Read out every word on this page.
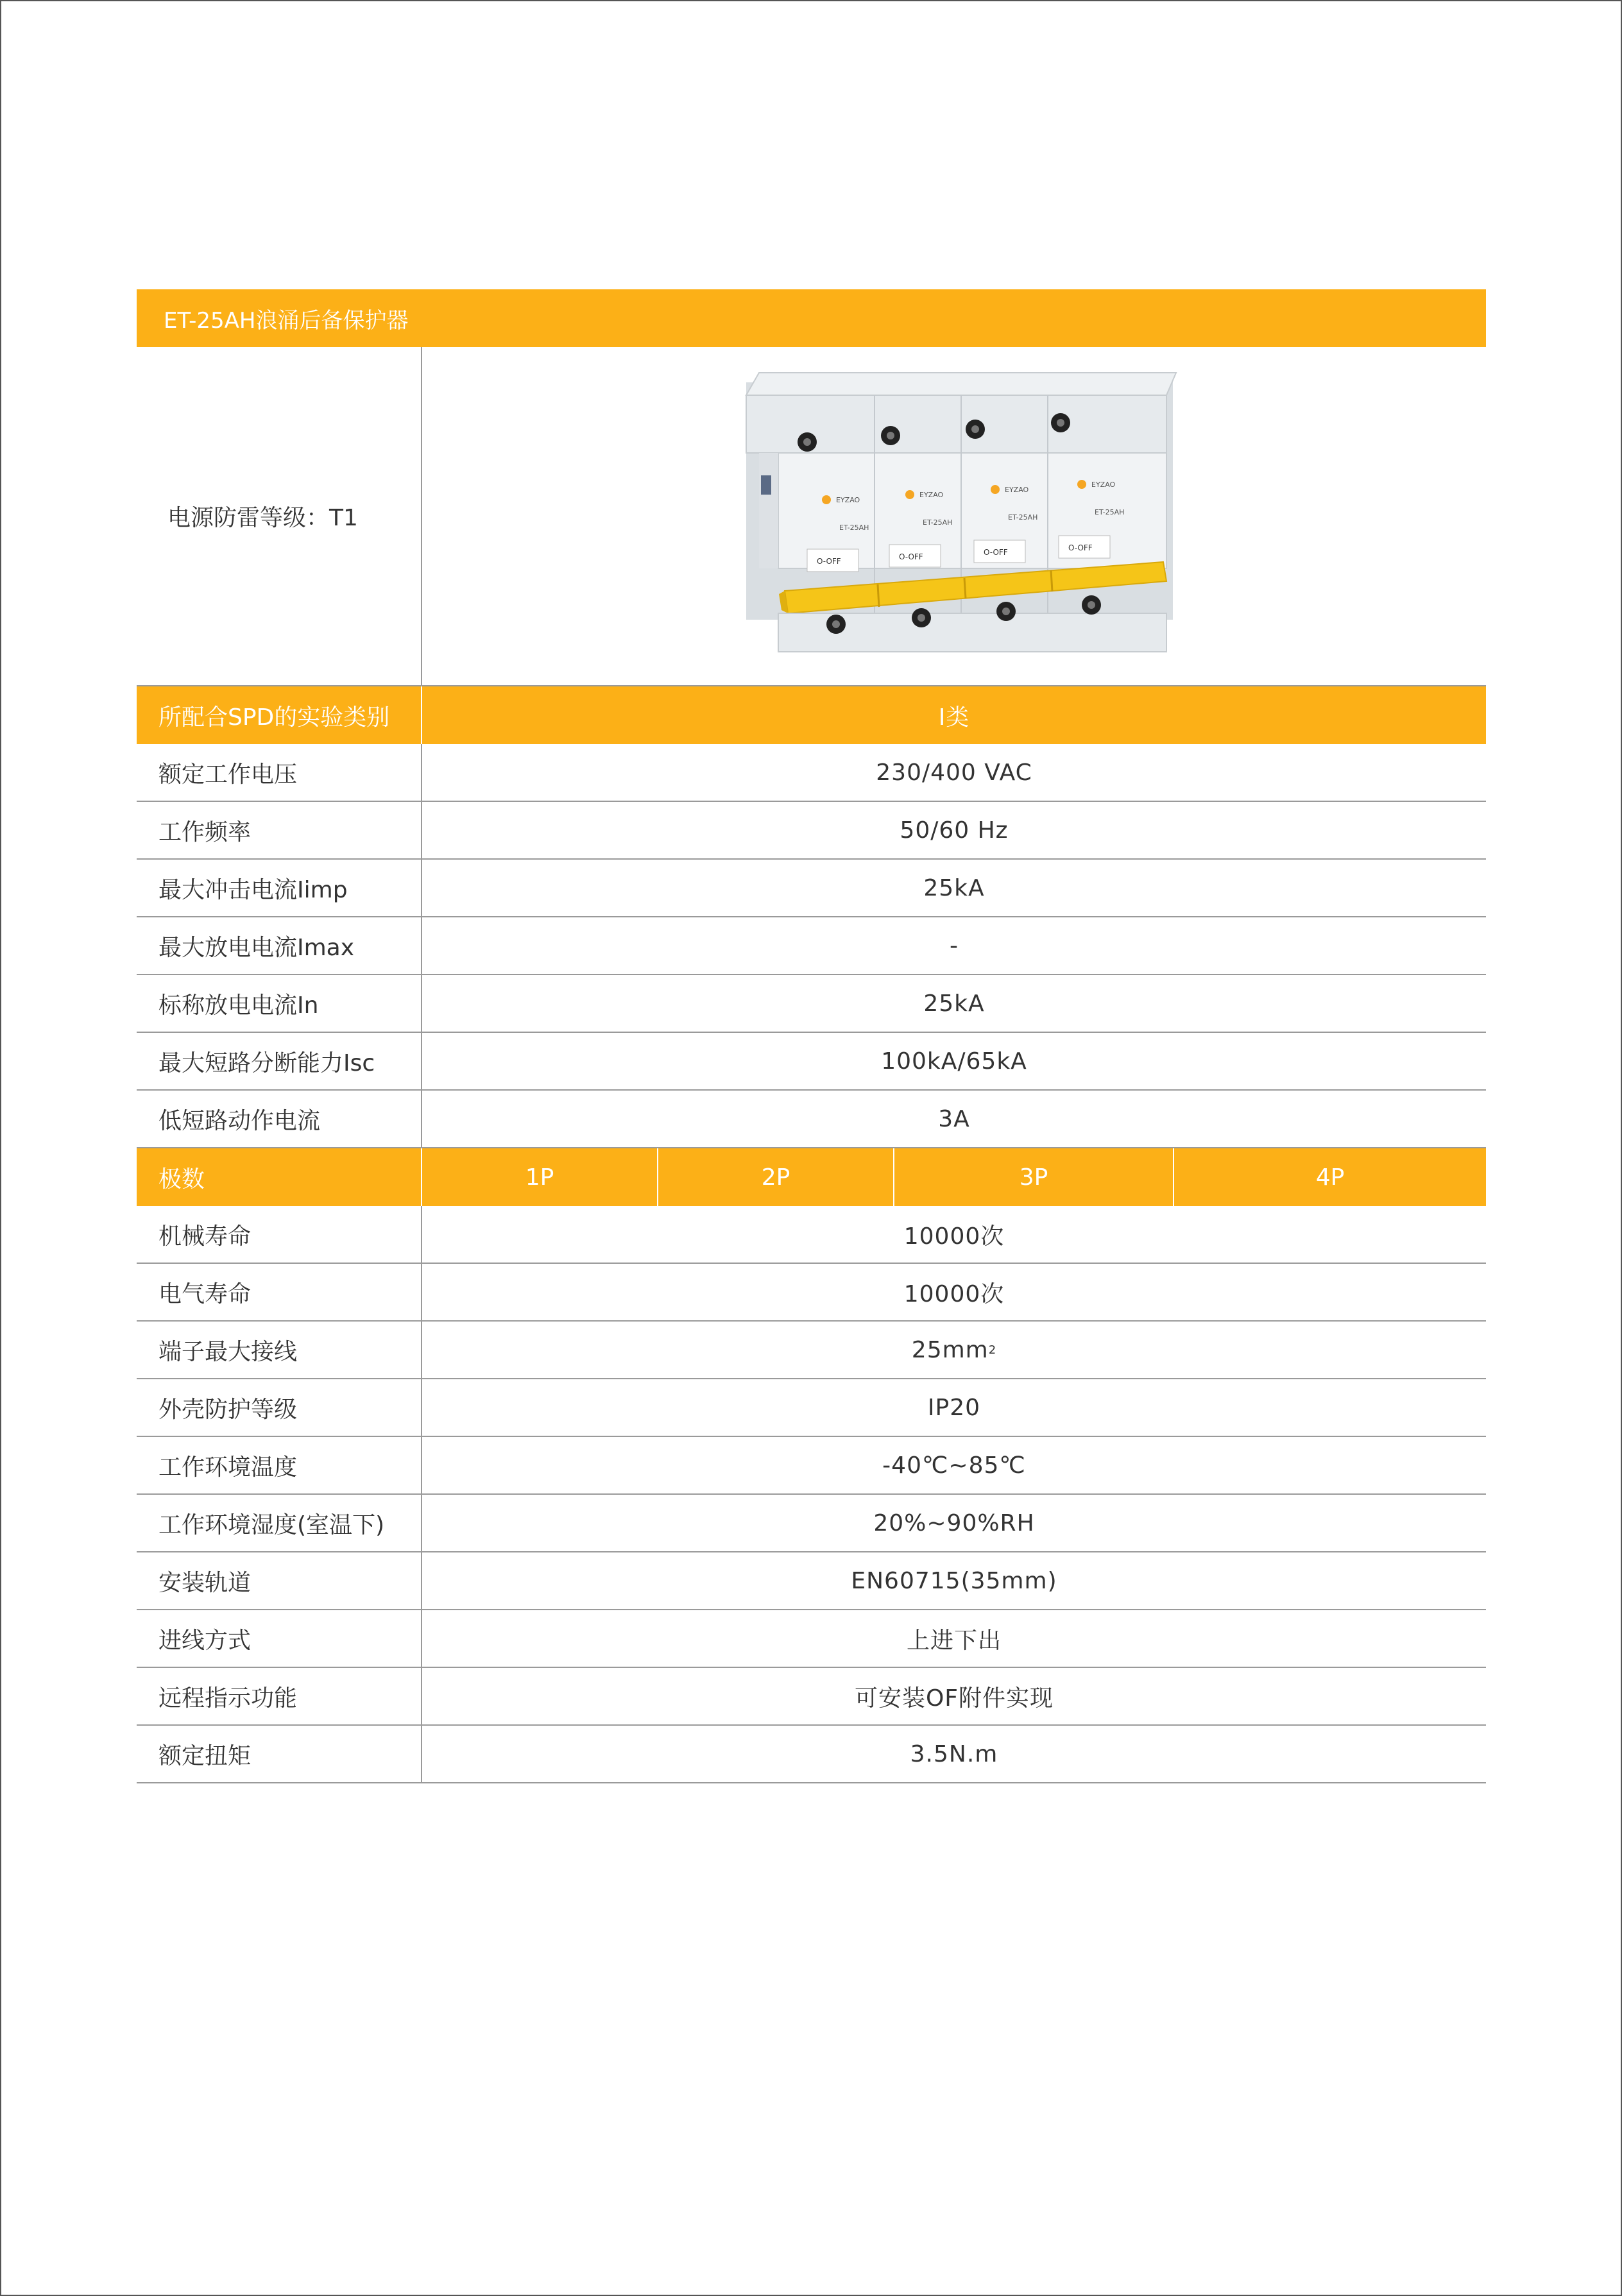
ET-25AH浪涌后备保护器
电源防雷等级：T1
EYZAO
EYZAO
EYZAO
EYZAO
ET-25AH
ET-25AH
ET-25AH
ET-25AH
O-OFF	O-OFF	O-OFF	O-OFF
所配合SPD的实验类别	I类
额定工作电压	230/400 VAC
工作频率	50/60 Hz
最大冲击电流Iimp	25kA
最大放电电流Imax	-
标称放电电流In	25kA
最大短路分断能力Isc	100kA/65kA
低短路动作电流	3A
极数	1P	2P	3P	4P
机械寿命	10000次
电气寿命	10000次
端子最大接线	25mm 2
外壳防护等级	IP20
工作环境温度	-40℃~85℃
工作环境湿度(室温下)	20%~90%RH
安装轨道	EN60715(35mm)
进线方式	上进下出
远程指示功能	可安装OF附件实现
额定扭矩	3.5N.m
